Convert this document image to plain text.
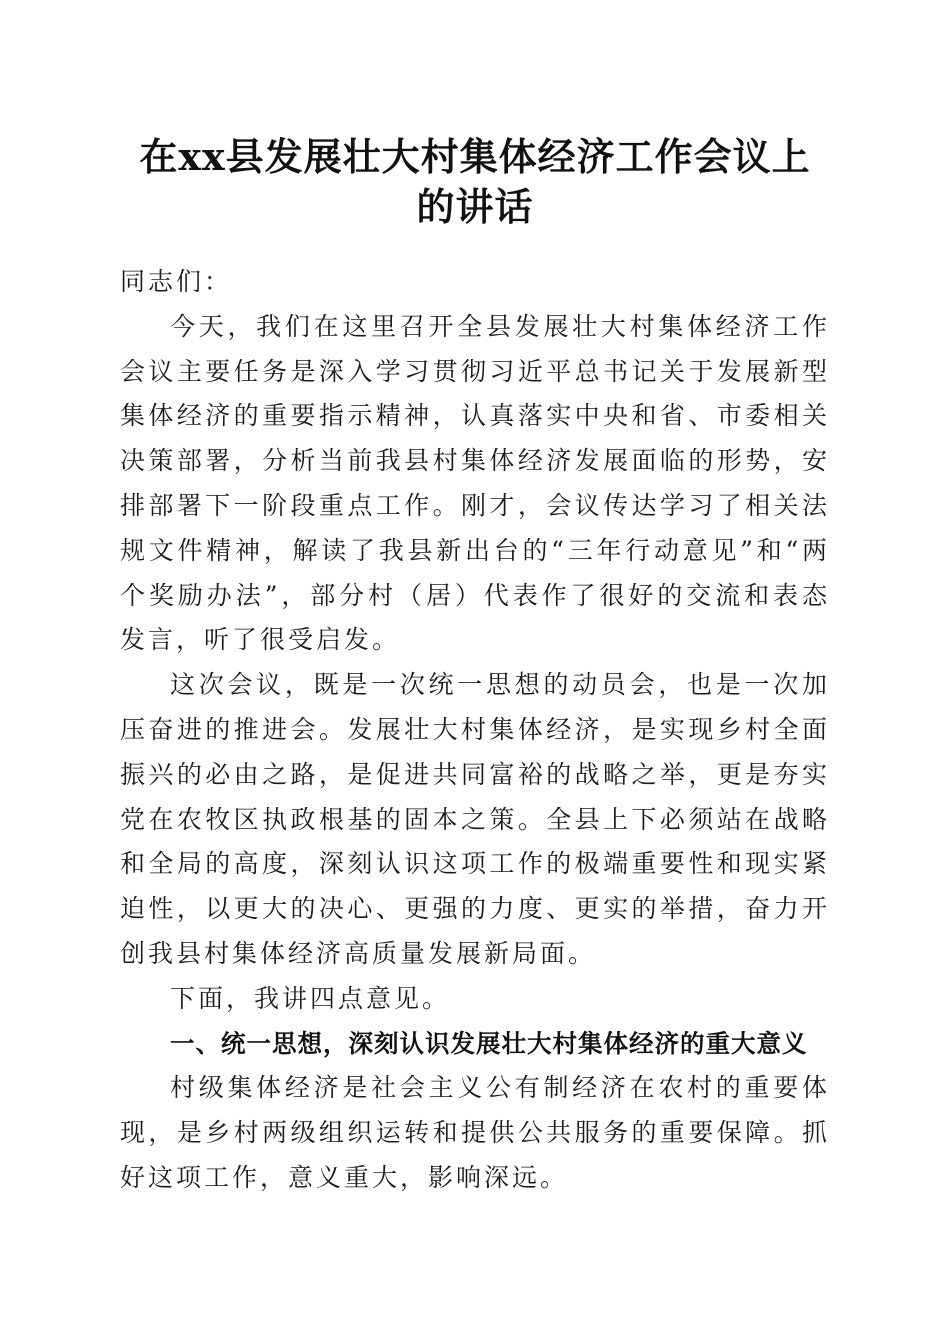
在xx县发展壮大村集体经济工作会议上的讲话

同志们：

今天，我们在这里召开全县发展壮大村集体经济工作会议主要任务是深入学习贯彻习近平总书记关于发展新型集体经济的重要指示精神，认真落实中央和省、市委相关决策部署，分析当前我县村集体经济发展面临的形势，安排部署下一阶段重点工作。刚才，会议传达学习了相关法规文件精神，解读了我县新出台的“三年行动意见”和“两个奖励办法”，部分村（居）代表作了很好的交流和表态发言，听了很受启发。

这次会议，既是一次统一思想的动员会，也是一次加压奋进的推进会。发展壮大村集体经济，是实现乡村全面振兴的必由之路，是促进共同富裕的战略之举，更是夯实党在农牧区执政根基的固本之策。全县上下必须站在战略和全局的高度，深刻认识这项工作的极端重要性和现实紧迫性，以更大的决心、更强的力度、更实的举措，奋力开创我县村集体经济高质量发展新局面。

下面，我讲四点意见。

一、统一思想，深刻认识发展壮大村集体经济的重大意义

村级集体经济是社会主义公有制经济在农村的重要体现，是乡村两级组织运转和提供公共服务的重要保障。抓好这项工作，意义重大，影响深远。
